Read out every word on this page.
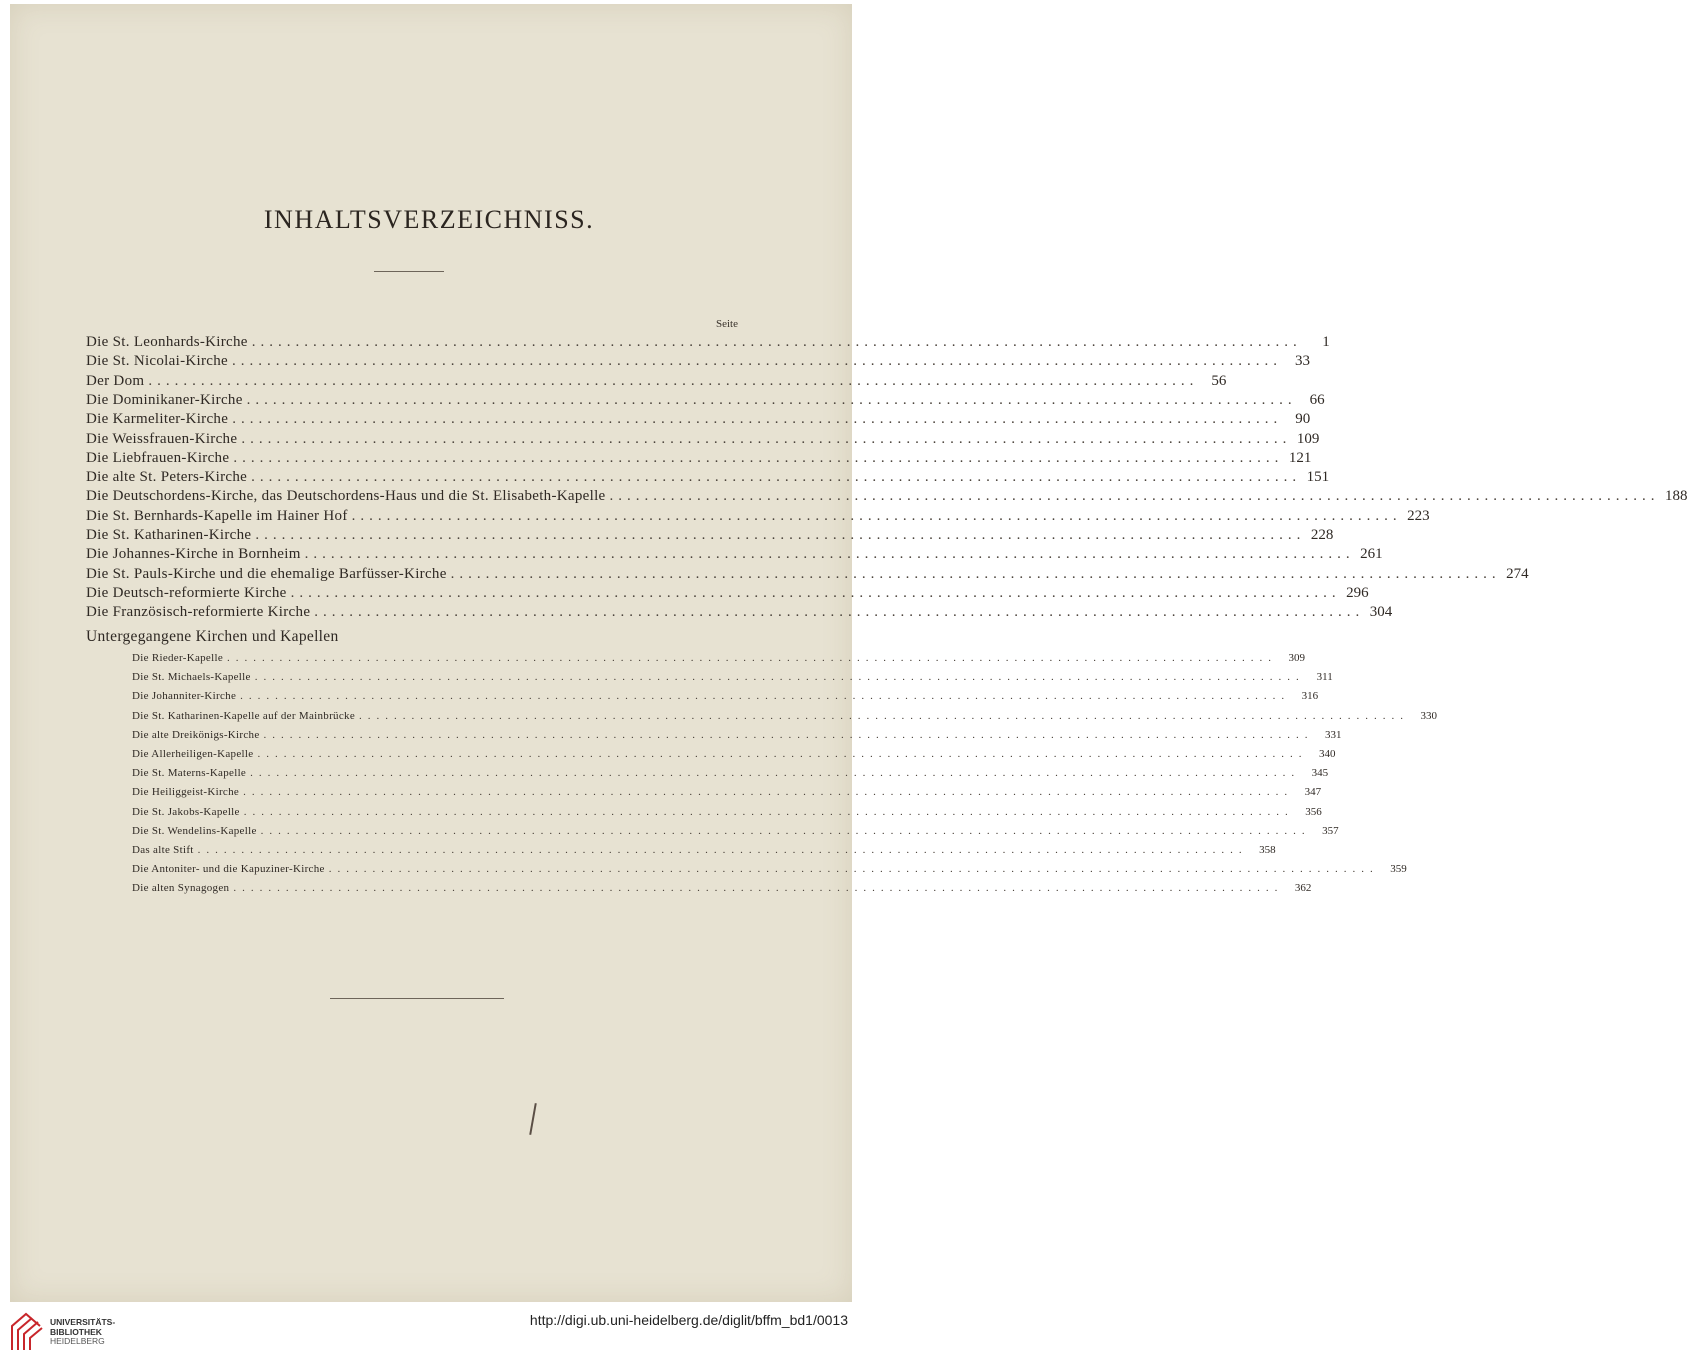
INHALTSVERZEICHNISS.
Seite
Die St. Leonhards-Kirche ........................................................................................................................	1
Die St. Nicolai-Kirche ........................................................................................................................ 33
Der Dom ........................................................................................................................ 56
Die Dominikaner-Kirche ........................................................................................................................ 66
Die Karmeliter-Kirche ........................................................................................................................ 90
Die Weissfrauen-Kirche ........................................................................................................................ 109
Die Liebfrauen-Kirche ........................................................................................................................ 121
Die alte St. Peters-Kirche ........................................................................................................................ 151
Die Deutschordens-Kirche, das Deutschordens-Haus und die St. Elisabeth-Kapelle ........................................................................................................................ 188
Die St. Bernhards-Kapelle im Hainer Hof ........................................................................................................................ 223
Die St. Katharinen-Kirche ........................................................................................................................ 228
Die Johannes-Kirche in Bornheim ........................................................................................................................ 261
Die St. Pauls-Kirche und die ehemalige Barfüsser-Kirche ........................................................................................................................ 274
Die Deutsch-reformierte Kirche ........................................................................................................................ 296
Die Französisch-reformierte Kirche ........................................................................................................................ 304
Untergegangene Kirchen und Kapellen
Die Rieder-Kapelle ........................................................................................................................	309
Die St. Michaels-Kapelle ........................................................................................................................	311
Die Johanniter-Kirche ........................................................................................................................	316
Die St. Katharinen-Kapelle auf der Mainbrücke ........................................................................................................................	330
Die alte Dreikönigs-Kirche ........................................................................................................................	331
Die Allerheiligen-Kapelle ........................................................................................................................	340
Die St. Materns-Kapelle ........................................................................................................................	345
Die Heiliggeist-Kirche ........................................................................................................................	347
Die St. Jakobs-Kapelle ........................................................................................................................	356
Die St. Wendelins-Kapelle ........................................................................................................................	357
Das alte Stift ........................................................................................................................	358
Die Antoniter- und die Kapuziner-Kirche ........................................................................................................................	359
Die alten Synagogen ........................................................................................................................	362
UNIVERSITÄTS-
BIBLIOTHEK
HEIDELBERG
http://digi.ub.uni-heidelberg.de/diglit/bffm_bd1/0013
